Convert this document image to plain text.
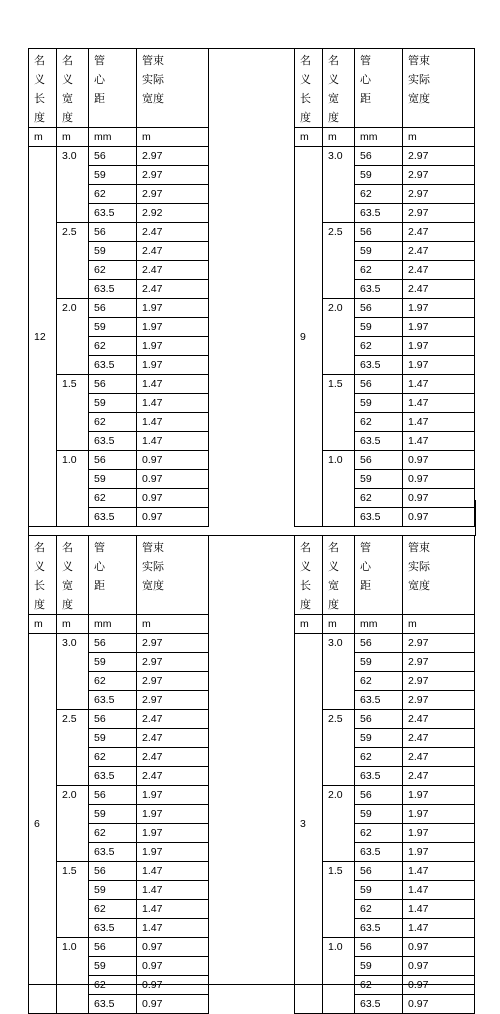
名
义
长
度	名
义
宽
度	管
心
距	管束
实际
宽度

m	m	mm	m
12	3.0	56	2.97
		59	2.97
		62	2.97
		63.5	2.92
	2.5	56	2.47
		59	2.47
		62	2.47
		63.5	2.47
	2.0	56	1.97
		59	1.97
		62	1.97
		63.5	1.97
	1.5	56	1.47
		59	1.47
		62	1.47
		63.5	1.47
	1.0	56	0.97
		59	0.97
		62	0.97
		63.5	0.97
名
义
长
度	名
义
宽
度	管
心
距	管束
实际
宽度

m	m	mm	m
9	3.0	56	2.97
		59	2.97
		62	2.97
		63.5	2.97
	2.5	56	2.47
		59	2.47
		62	2.47
		63.5	2.47
	2.0	56	1.97
		59	1.97
		62	1.97
		63.5	1.97
	1.5	56	1.47
		59	1.47
		62	1.47
		63.5	1.47
	1.0	56	0.97
		59	0.97
		62	0.97
		63.5	0.97
名
义
长
度	名
义
宽
度	管
心
距	管束
实际
宽度

m	m	mm	m
6	3.0	56	2.97
		59	2.97
		62	2.97
		63.5	2.97
	2.5	56	2.47
		59	2.47
		62	2.47
		63.5	2.47
	2.0	56	1.97
		59	1.97
		62	1.97
		63.5	1.97
	1.5	56	1.47
		59	1.47
		62	1.47
		63.5	1.47
	1.0	56	0.97
		59	0.97
		62	0.97
		63.5	0.97
名
义
长
度	名
义
宽
度	管
心
距	管束
实际
宽度

m	m	mm	m
3	3.0	56	2.97
		59	2.97
		62	2.97
		63.5	2.97
	2.5	56	2.47
		59	2.47
		62	2.47
		63.5	2.47
	2.0	56	1.97
		59	1.97
		62	1.97
		63.5	1.97
	1.5	56	1.47
		59	1.47
		62	1.47
		63.5	1.47
	1.0	56	0.97
		59	0.97
		62	0.97
		63.5	0.97
